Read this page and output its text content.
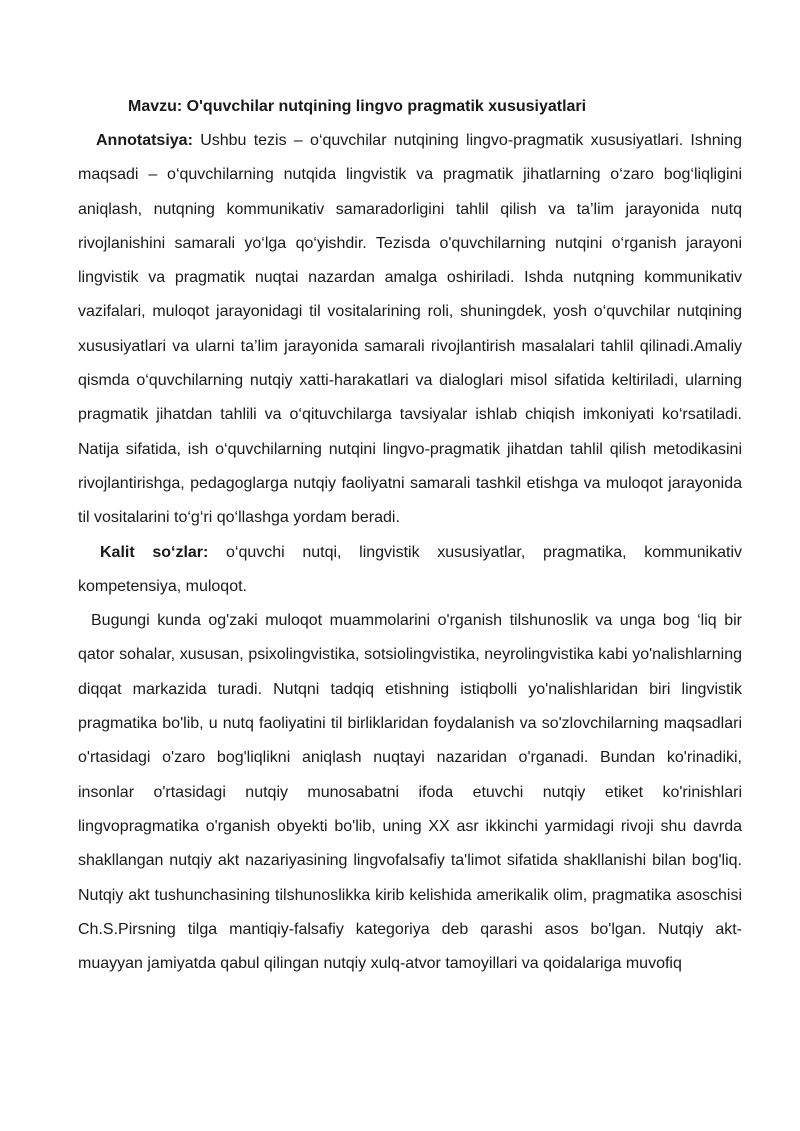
Mavzu: O'quvchilar nutqining lingvo pragmatik xususiyatlari

Annotatsiya: Ushbu tezis – o‘quvchilar nutqining lingvo-pragmatik xususiyatlari. Ishning maqsadi – o‘quvchilarning nutqida lingvistik va pragmatik jihatlarning o‘zaro bog‘liqligini aniqlash, nutqning kommunikativ samaradorligini tahlil qilish va ta’lim jarayonida nutq rivojlanishini samarali yo‘lga qo‘yishdir. Tezisda o'quvchilarning nutqini o‘rganish jarayoni lingvistik va pragmatik nuqtai nazardan amalga oshiriladi. Ishda nutqning kommunikativ vazifalari, muloqot jarayonidagi til vositalarining roli, shuningdek, yosh o‘quvchilar nutqining xususiyatlari va ularni ta’lim jarayonida samarali rivojlantirish masalalari tahlil qilinadi.Amaliy qismda o‘quvchilarning nutqiy xatti-harakatlari va dialoglari misol sifatida keltiriladi, ularning pragmatik jihatdan tahlili va o‘qituvchilarga tavsiyalar ishlab chiqish imkoniyati ko‘rsatiladi. Natija sifatida, ish o‘quvchilarning nutqini lingvo-pragmatik jihatdan tahlil qilish metodikasini rivojlantirishga, pedagoglarga nutqiy faoliyatni samarali tashkil etishga va muloqot jarayonida til vositalarini to‘g‘ri qo‘llashga yordam beradi.

Kalit so‘zlar: o‘quvchi nutqi, lingvistik xususiyatlar, pragmatika, kommunikativ kompetensiya, muloqot.

Bugungi kunda og'zaki muloqot muammolarini o'rganish tilshunoslik va unga bog ‘liq bir qator sohalar, xususan, psixolingvistika, sotsiolingvistika, neyrolingvistika kabi yo'nalishlarning diqqat markazida turadi. Nutqni tadqiq etishning istiqbolli yo'nalishlaridan biri lingvistik pragmatika bo'lib, u nutq faoliyatini til birliklaridan foydalanish va so'zlovchilarning maqsadlari o'rtasidagi o'zaro bog'liqlikni aniqlash nuqtayi nazaridan o'rganadi. Bundan ko'rinadiki, insonlar o'rtasidagi nutqiy munosabatni ifoda etuvchi nutqiy etiket ko'rinishlari lingvopragmatika o'rganish obyekti bo'lib, uning XX asr ikkinchi yarmidagi rivoji shu davrda shakllangan nutqiy akt nazariyasining lingvofalsafiy ta'limot sifatida shakllanishi bilan bog'liq. Nutqiy akt tushunchasining tilshunoslikka kirib kelishida amerikalik olim, pragmatika asoschisi Ch.S.Pirsning tilga mantiqiy-falsafiy kategoriya deb qarashi asos bo'lgan. Nutqiy akt- muayyan jamiyatda qabul qilingan nutqiy xulq-atvor tamoyillari va qoidalariga muvofiq
